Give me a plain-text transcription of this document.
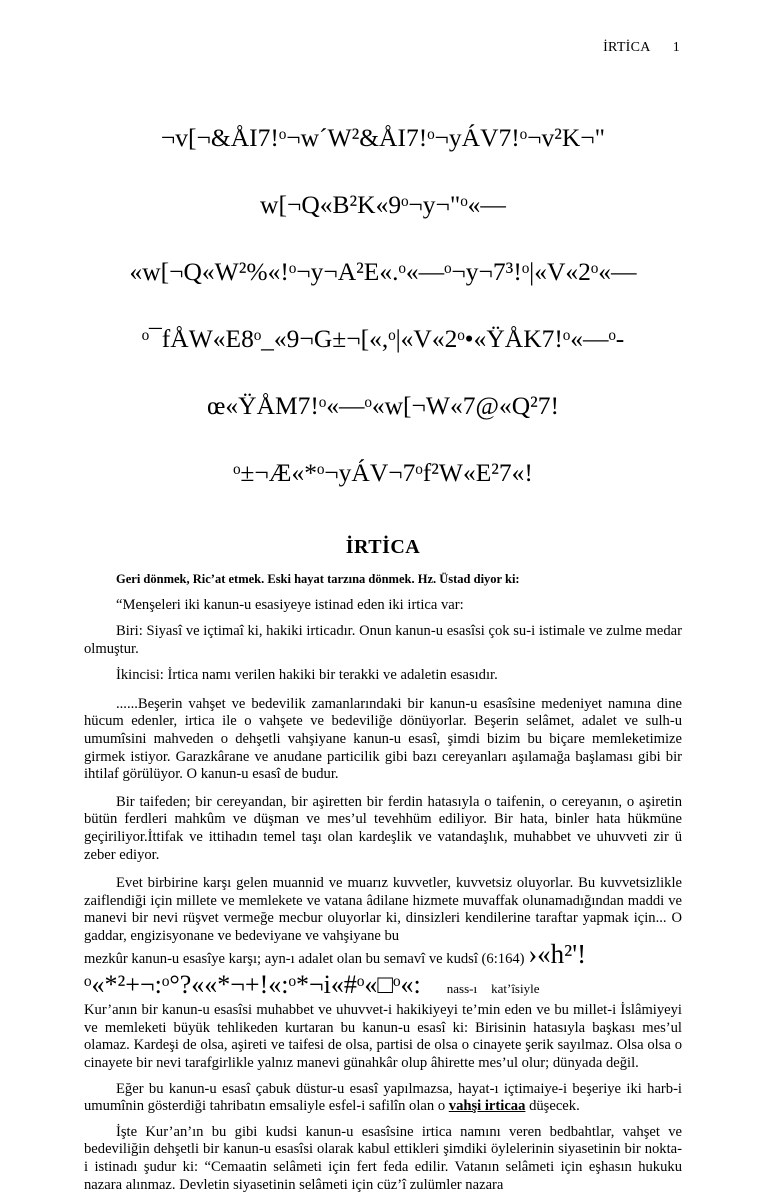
İRTİCA 1

¬v[¬&ÅI7!ᵒ¬w´W²&ÅI7!ᵒ¬yÁV7!ᵒ¬v²K¬"

w[¬Q«B²K«9ᵒ¬y¬"ᵒ«—

«w[¬Q«W²%«!ᵒ¬y¬A²E«.ᵒ«—ᵒ¬y¬7³!ᵒ|«V«2ᵒ«—

ᵒ¯fÅW«E8ᵒ_«9¬G±¬[«,ᵒ|«V«2ᵒ•«ŸÅK7!ᵒ«—ᵒ-

œ«ŸÅM7!ᵒ«—ᵒ«w[¬W«7@«Q²7!

ᵒ±¬Æ«*ᵒ¬yÁV¬7ᵒf²W«E²7«!

İRTİCA
Geri dönmek, Ric’at etmek. Eski hayat tarzına dönmek. Hz. Üstad diyor ki:

“Menşeleri iki kanun-u esasiyeye istinad eden iki irtica var:

Biri: Siyasî ve içtimaî ki, hakiki irticadır. Onun kanun-u esasîsi çok su-i istimale ve zulme medar olmuştur.

İkincisi: İrtica namı verilen hakiki bir terakki ve adaletin esasıdır.

......Beşerin vahşet ve bedevilik zamanlarındaki bir kanun-u esasîsine medeniyet namına dine hücum edenler, irtica ile o vahşete ve bedeviliğe dönüyorlar. Beşerin selâmet, adalet ve sulh-u umumîsini mahveden o dehşetli vahşiyane kanun-u esasî, şimdi bizim bu biçare memleketimize girmek istiyor. Garazkârane ve anudane particilik gibi bazı cereyanları aşılamağa başlaması gibi bir ihtilaf görülüyor. O kanun-u esasî de budur.

Bir taifeden; bir cereyandan, bir aşiretten bir ferdin hatasıyla o taifenin, o cereyanın, o aşiretin bütün ferdleri mahkûm ve düşman ve mes’ul tevehhüm ediliyor. Bir hata, binler hata hükmüne geçiriliyor.İttifak ve ittihadın temel taşı olan kardeşlik ve vatandaşlık, muhabbet ve uhuvveti zir ü zeber ediyor.

Evet birbirine karşı gelen muannid ve muarız kuvvetler, kuvvetsiz oluyorlar. Bu kuvvetsizlikle zaiflendiği için millete ve memlekete ve vatana âdilane hizmete muvaffak olunamadığından maddi ve manevi bir nevi rüşvet vermeğe mecbur oluyorlar ki, dinsizleri kendilerine taraftar yapmak için... O gaddar, engizisyonane ve bedeviyane ve vahşiyane bu

mezkûr kanun-u esasîye karşı; ayn-ı adalet olan bu semavî ve kudsî (6:164) ›«h²'!
ᵒ«*²+¬:ᵒ°?««*¬+!«:ᵒ*¬i«#ᵒ«□ᵒ«: nass-ı kat’îsiyle
Kur’anın bir kanun-u esasîsi muhabbet ve uhuvvet-i hakikiyeyi te’min eden ve bu millet-i İslâmiyeyi ve memleketi büyük tehlikeden kurtaran bu kanun-u esasî ki: Birisinin hatasıyla başkası mes’ul olamaz. Kardeşi de olsa, aşireti ve taifesi de olsa, partisi de olsa o cinayete şerik sayılmaz. Olsa olsa o cinayete bir nevi tarafgirlikle yalnız manevi günahkâr olup âhirette mes’ul olur; dünyada değil.

Eğer bu kanun-u esasî çabuk düstur-u esasî yapılmazsa, hayat-ı içtimaiye-i beşeriye iki harb-i umumînin gösterdiği tahribatın emsaliyle esfel-i safilîn olan o vahşi irticaa düşecek.

İşte Kur’an’ın bu gibi kudsi kanun-u esasîsine irtica namını veren bedbahtlar, vahşet ve bedeviliğin dehşetli bir kanun-u esasîsi olarak kabul ettikleri şimdiki öylelerinin siyasetinin bir nokta-i istinadı şudur ki: “Cemaatin selâmeti için fert feda edilir. Vatanın selâmeti için eşhasın hukuku nazara alınmaz. Devletin siyasetinin selâmeti için cüz’î zulümler nazara
